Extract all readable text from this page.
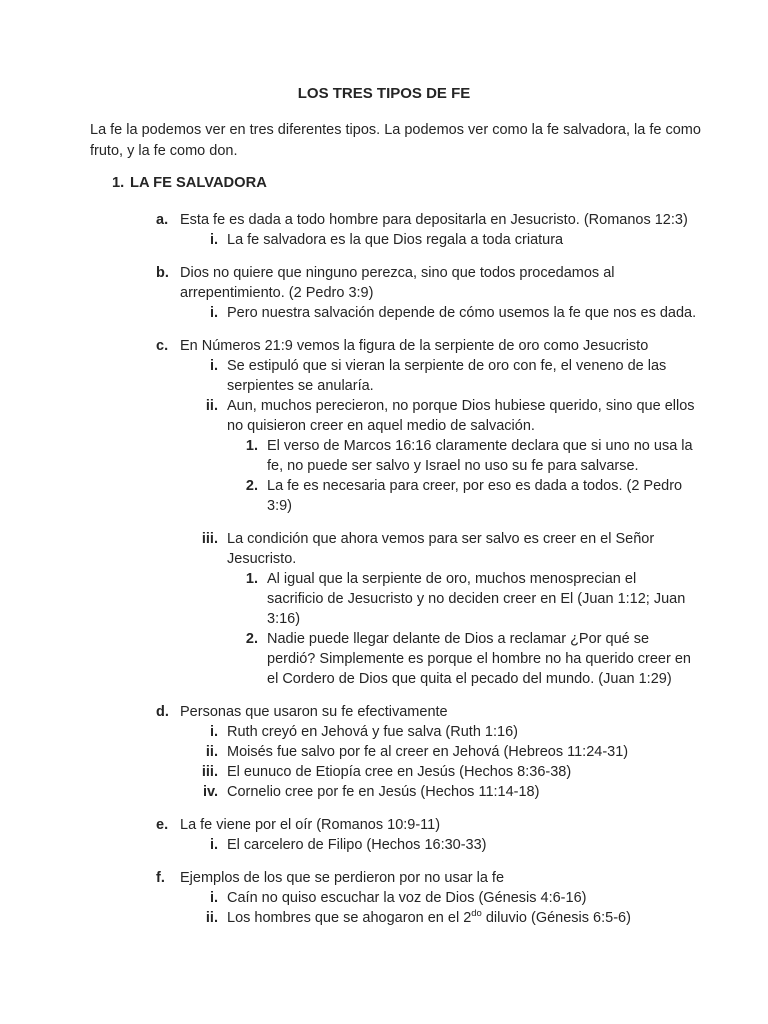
LOS TRES TIPOS DE FE
La fe la podemos ver en tres diferentes tipos. La podemos ver como la fe salvadora, la fe como
fruto, y la fe como don.
1. LA FE SALVADORA
a. Esta fe es dada a todo hombre para depositarla en Jesucristo. (Romanos 12:3)
i. La fe salvadora es la que Dios regala a toda criatura
b. Dios no quiere que ninguno perezca, sino que todos procedamos al
arrepentimiento. (2 Pedro 3:9)
i. Pero nuestra salvación depende de cómo usemos la fe que nos es dada.
c. En Números 21:9 vemos la figura de la serpiente de oro como Jesucristo
i. Se estipuló que si vieran la serpiente de oro con fe, el veneno de las
serpientes se anularía.
ii. Aun, muchos perecieron, no porque Dios hubiese querido, sino que ellos
no quisieron creer en aquel medio de salvación.
1. El verso de Marcos 16:16 claramente declara que si uno no usa la
fe, no puede ser salvo y Israel no uso su fe para salvarse.
2. La fe es necesaria para creer, por eso es dada a todos. (2 Pedro
3:9)
iii. La condición que ahora vemos para ser salvo es creer en el Señor
Jesucristo.
1. Al igual que la serpiente de oro, muchos menosprecian el
sacrificio de Jesucristo y no deciden creer en El (Juan 1:12; Juan
3:16)
2. Nadie puede llegar delante de Dios a reclamar ¿Por qué se
perdió? Simplemente es porque el hombre no ha querido creer en
el Cordero de Dios que quita el pecado del mundo. (Juan 1:29)
d. Personas que usaron su fe efectivamente
i. Ruth creyó en Jehová y fue salva (Ruth 1:16)
ii. Moisés fue salvo por fe al creer en Jehová (Hebreos 11:24-31)
iii. El eunuco de Etiopía cree en Jesús (Hechos 8:36-38)
iv. Cornelio cree por fe en Jesús (Hechos 11:14-18)
e. La fe viene por el oír (Romanos 10:9-11)
i. El carcelero de Filipo (Hechos 16:30-33)
f.	Ejemplos de los que se perdieron por no usar la fe
i. Caín no quiso escuchar la voz de Dios (Génesis 4:6-16)
ii. Los hombres que se ahogaron en el $2^{do}$ diluvio (Génesis 6:5-6)
